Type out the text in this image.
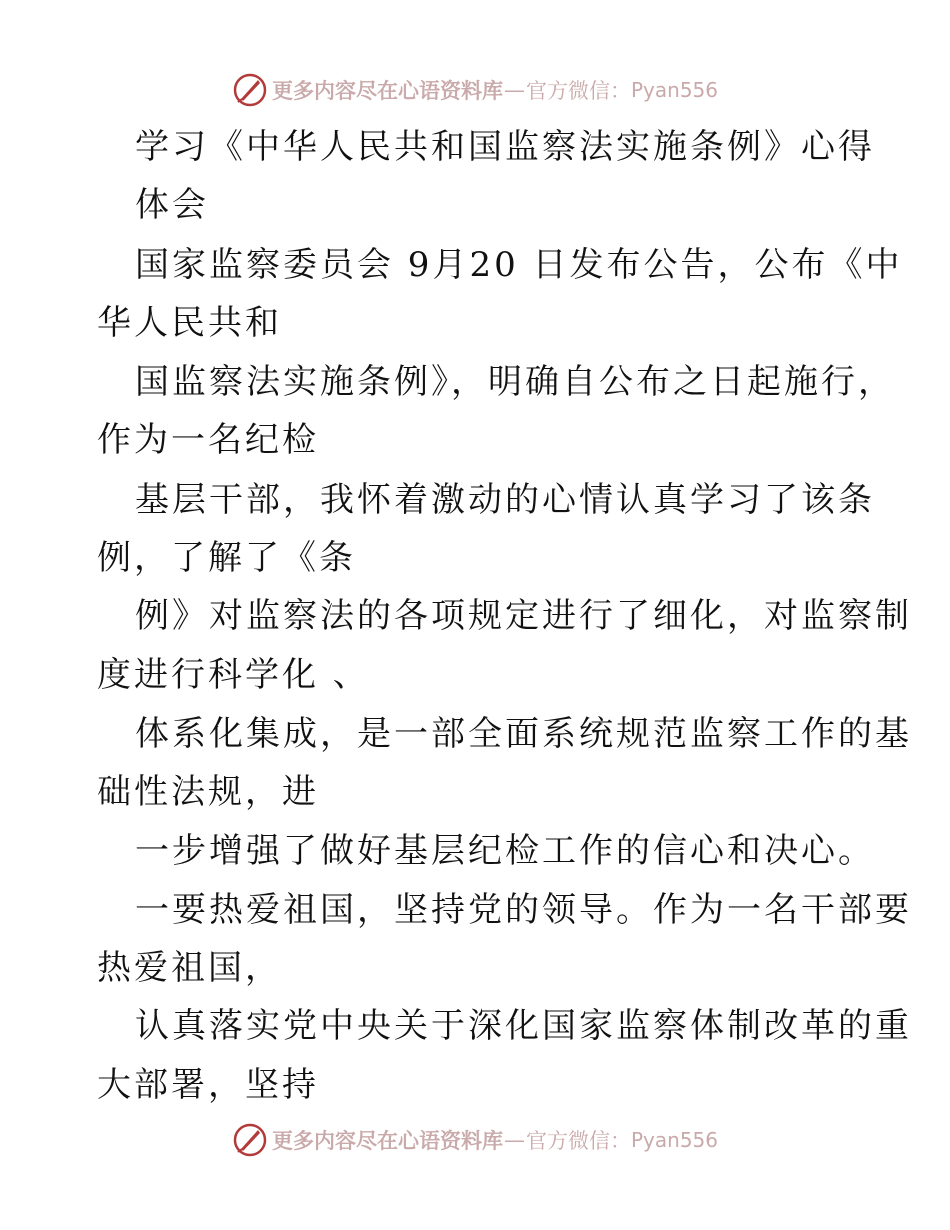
更多内容尽在心语资料库 — 官方微信： Pyan556

学习《中华人民共和国监察法实施条例》心得

体会

国家监察委员会 9月20 日发布公告，公布《中

华人民共和

国监察法实施条例》，明确自公布之日起施行，

作为一名纪检

基层干部，我怀着激动的心情认真学习了该条

例，了解了《条

例》对监察法的各项规定进行了细化，对监察制

度进行科学化 、

体系化集成，是一部全面系统规范监察工作的基

础性法规，进

一步增强了做好基层纪检工作的信心和决心。

一要热爱祖国，坚持党的领导。作为一名干部要

热爱祖国，

认真落实党中央关于深化国家监察体制改革的重

大部署，坚持

更多内容尽在心语资料库 — 官方微信： Pyan556
